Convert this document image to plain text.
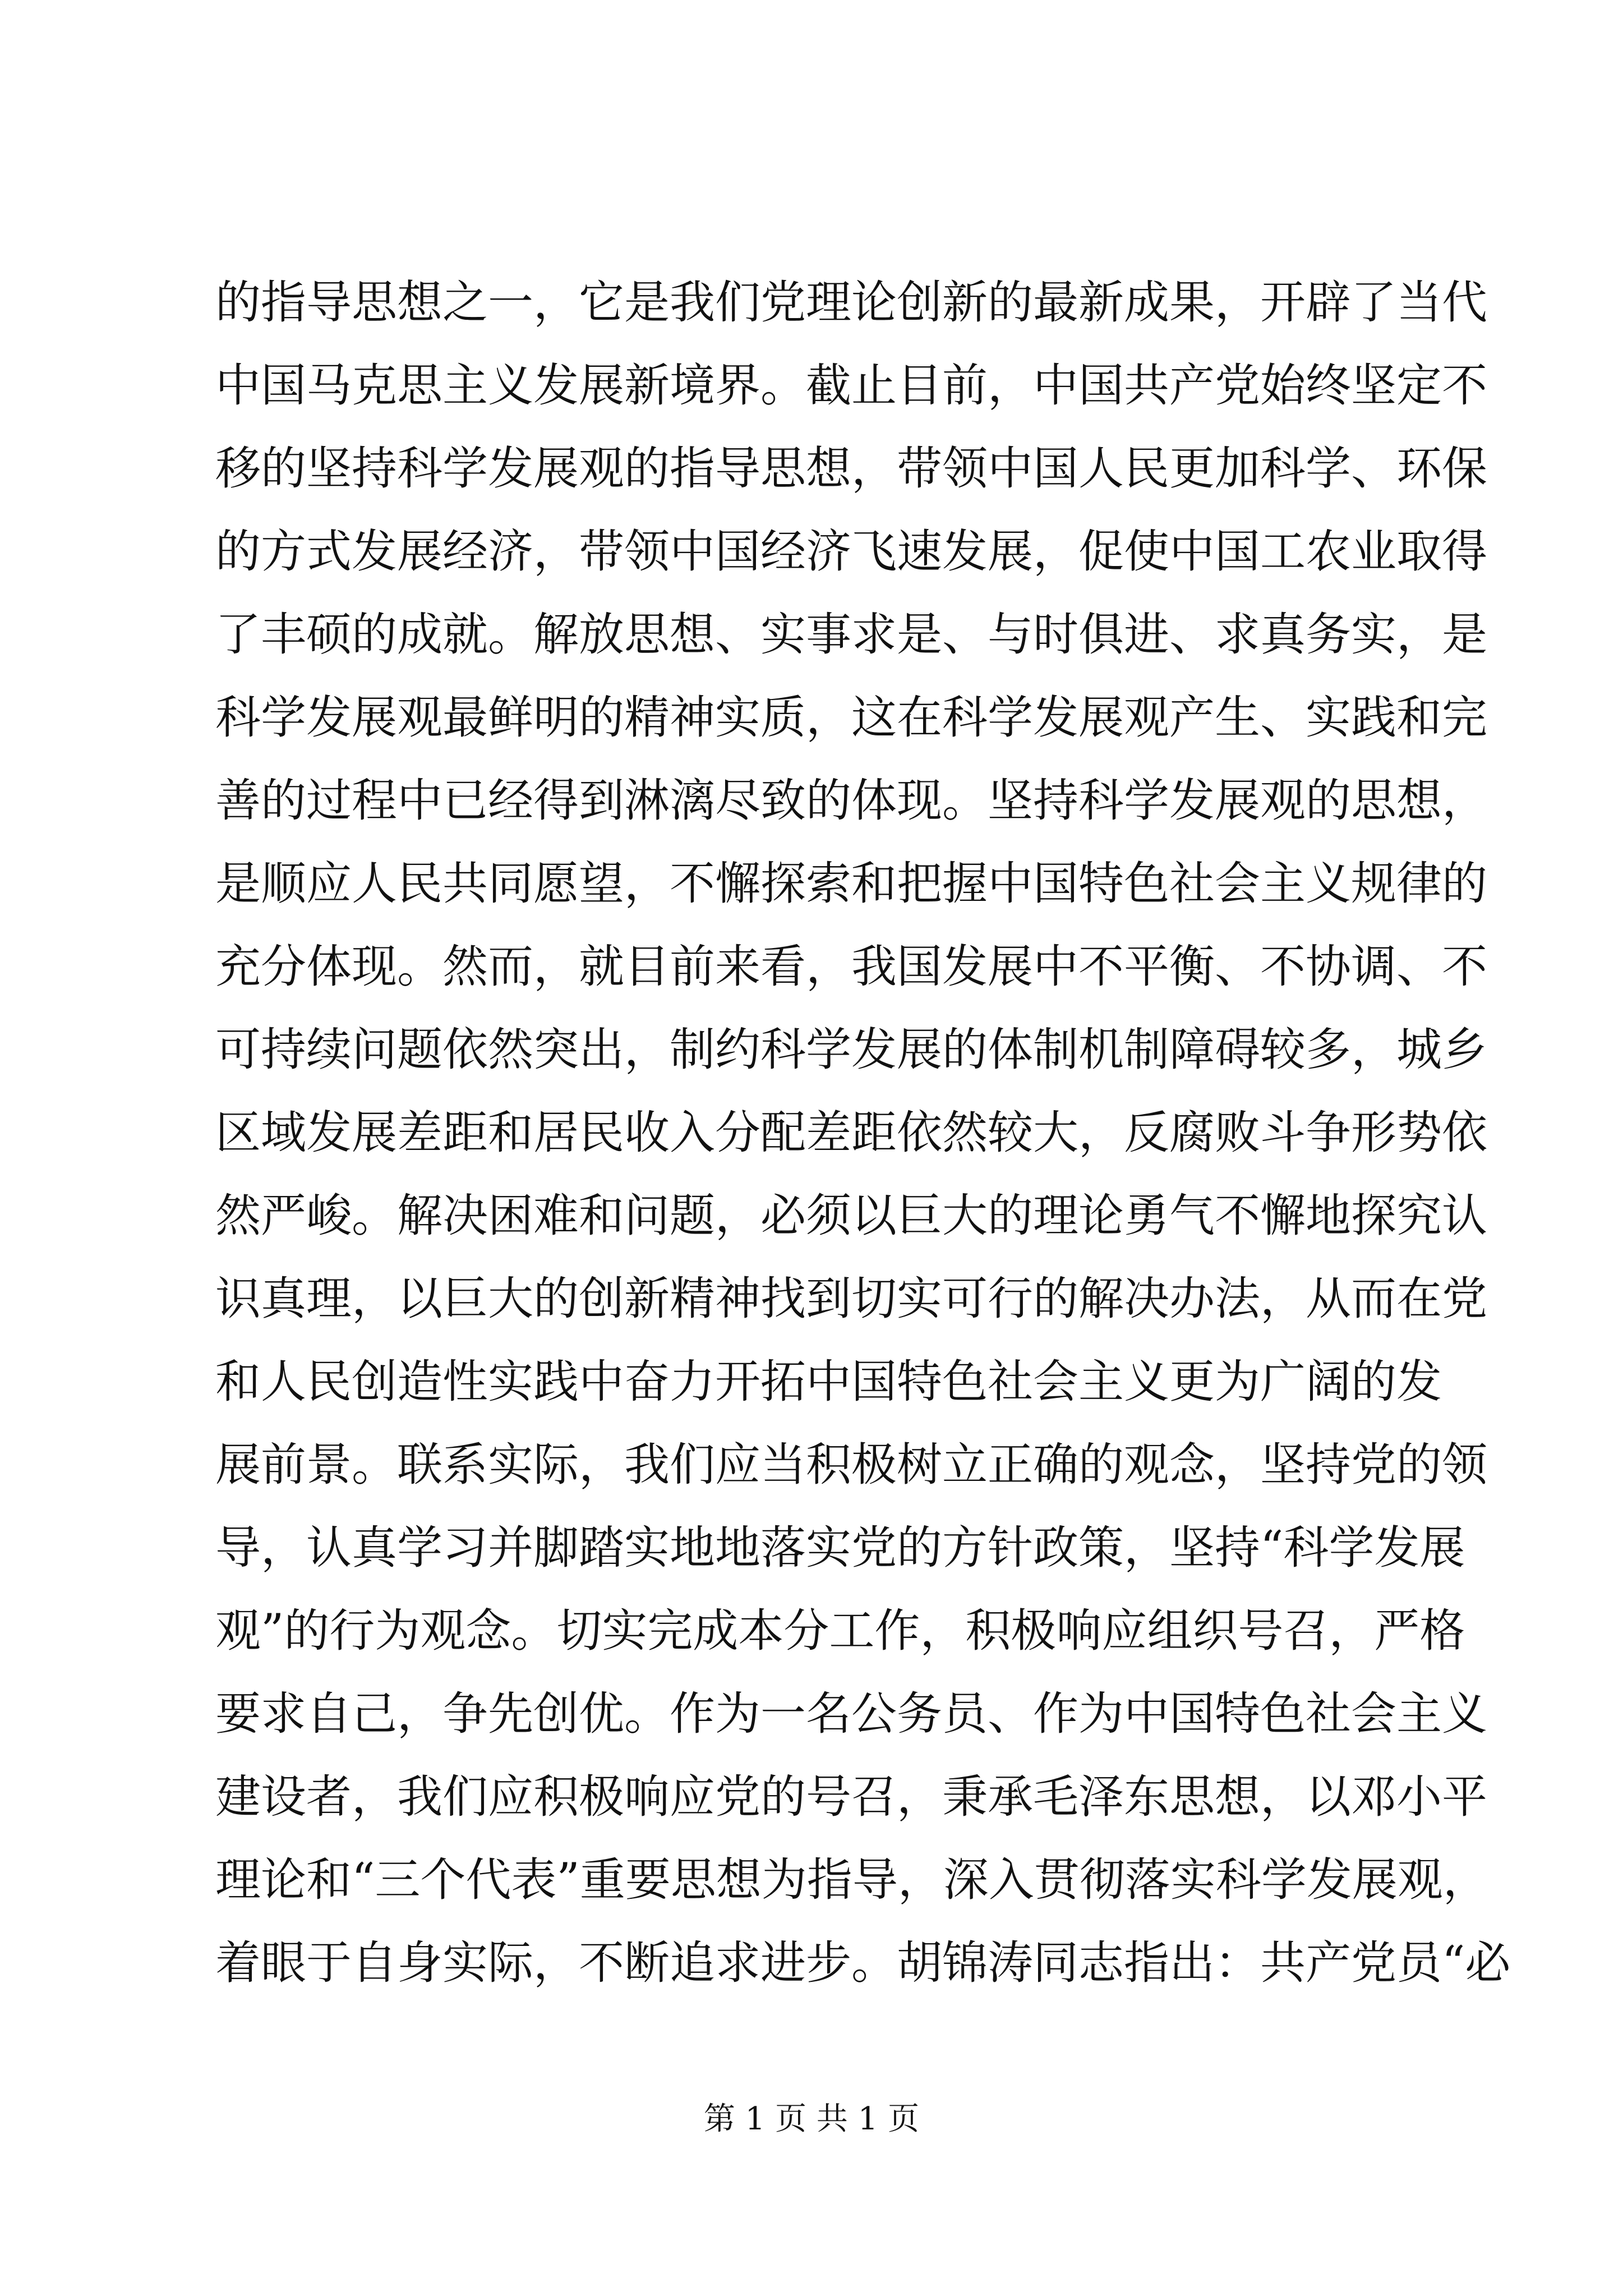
的指导思想之一，它是我们党理论创新的最新成果，开辟了当代
中国马克思主义发展新境界。截止目前，中国共产党始终坚定不
移的坚持科学发展观的指导思想，带领中国人民更加科学、环保
的方式发展经济，带领中国经济飞速发展，促使中国工农业取得
了丰硕的成就。解放思想、实事求是、与时俱进、求真务实，是
科学发展观最鲜明的精神实质，这在科学发展观产生、实践和完
善的过程中已经得到淋漓尽致的体现。坚持科学发展观的思想，
是顺应人民共同愿望，不懈探索和把握中国特色社会主义规律的
充分体现。然而，就目前来看，我国发展中不平衡、不协调、不
可持续问题依然突出，制约科学发展的体制机制障碍较多，城乡
区域发展差距和居民收入分配差距依然较大，反腐败斗争形势依
然严峻。解决困难和问题，必须以巨大的理论勇气不懈地探究认
识真理，以巨大的创新精神找到切实可行的解决办法，从而在党
和人民创造性实践中奋力开拓中国特色社会主义更为广阔的发
展前景。联系实际，我们应当积极树立正确的观念，坚持党的领
导，认真学习并脚踏实地地落实党的方针政策，坚持“科学发展
观”的行为观念。切实完成本分工作，积极响应组织号召，严格
要求自己，争先创优。作为一名公务员、作为中国特色社会主义
建设者，我们应积极响应党的号召，秉承毛泽东思想，以邓小平
理论和“三个代表”重要思想为指导，深入贯彻落实科学发展观，
着眼于自身实际，不断追求进步。胡锦涛同志指出：共产党员“必
第 1 页 共 1 页
